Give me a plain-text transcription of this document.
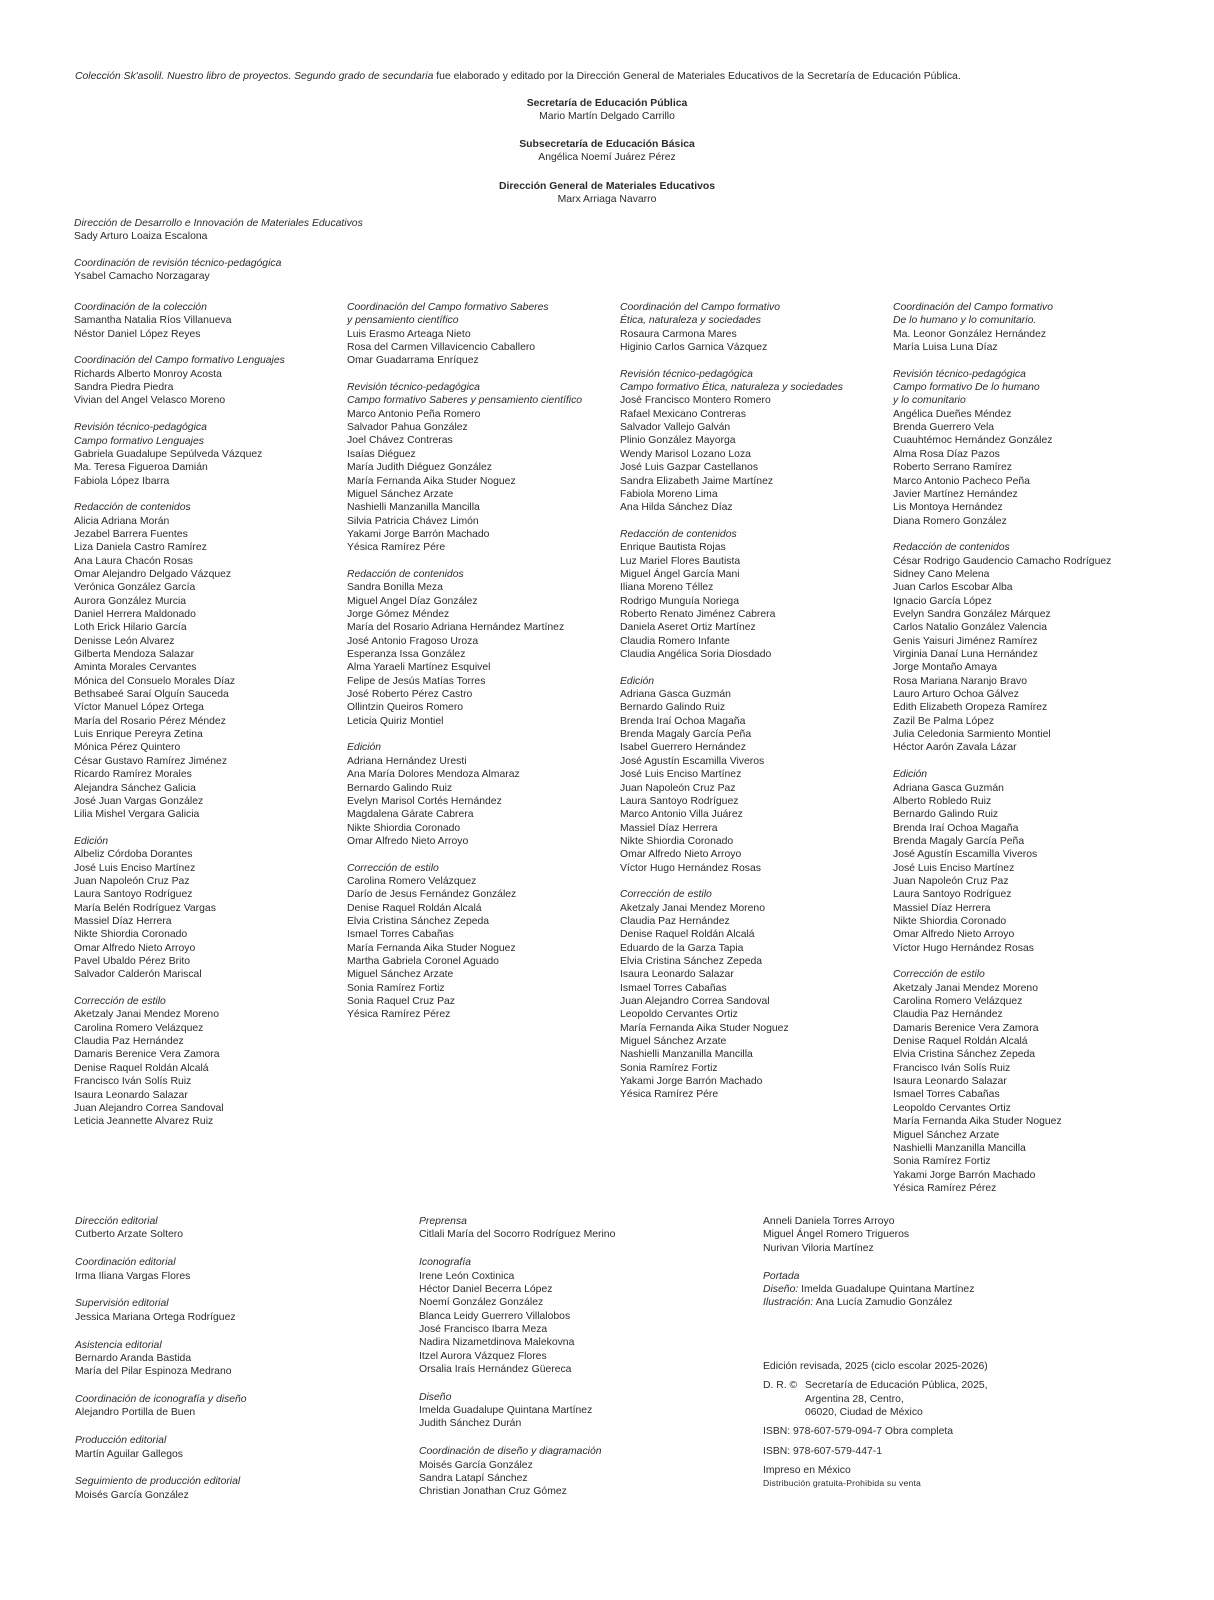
Colección Sk'asolil. Nuestro libro de proyectos. Segundo grado de secundaria fue elaborado y editado por la Dirección General de Materiales Educativos de la Secretaría de Educación Pública.
Secretaría de Educación Pública
Mario Martín Delgado Carrillo
Subsecretaría de Educación Básica
Angélica Noemí Juárez Pérez
Dirección General de Materiales Educativos
Marx Arriaga Navarro
Dirección de Desarrollo e Innovación de Materiales Educativos
Sady Arturo Loaiza Escalona
Coordinación de revisión técnico-pedagógica
Ysabel Camacho Norzagaray
Coordinación de la colección
Samantha Natalia Ríos Villanueva
Néstor Daniel López Reyes
Coordinación del Campo formativo Lenguajes
Richards Alberto Monroy Acosta
Sandra Piedra Piedra
Vivian del Angel Velasco Moreno
Revisión técnico-pedagógica
Campo formativo Lenguajes
Gabriela Guadalupe Sepúlveda Vázquez
Ma. Teresa Figueroa Damián
Fabiola López Ibarra
Redacción de contenidos
Alicia Adriana Morán
Jezabel Barrera Fuentes
Liza Daniela Castro Ramírez
Ana Laura Chacón Rosas
Omar Alejandro Delgado Vázquez
Verónica González García
Aurora González Murcia
Daniel Herrera Maldonado
Loth Erick Hilario García
Denisse León Alvarez
Gilberta Mendoza Salazar
Aminta Morales Cervantes
Mónica del Consuelo Morales Díaz
Bethsabeé Saraí Olguín Sauceda
Víctor Manuel López Ortega
María del Rosario Pérez Méndez
Luis Enrique Pereyra Zetina
Mónica Pérez Quintero
César Gustavo Ramírez Jiménez
Ricardo Ramírez Morales
Alejandra Sánchez Galicia
José Juan Vargas González
Lilia Mishel Vergara Galicia
Edición
Albeliz Córdoba Dorantes
José Luis Enciso Martínez
Juan Napoleón Cruz Paz
Laura Santoyo Rodríguez
María Belén Rodríguez Vargas
Massiel Díaz Herrera
Nikte Shiordia Coronado
Omar Alfredo Nieto Arroyo
Pavel Ubaldo Pérez Brito
Salvador Calderón Mariscal
Corrección de estilo
Aketzaly Janai Mendez Moreno
Carolina Romero Velázquez
Claudia Paz Hernández
Damaris Berenice Vera Zamora
Denise Raquel Roldán Alcalá
Francisco Iván Solís Ruiz
Isaura Leonardo Salazar
Juan Alejandro Correa Sandoval
Leticia Jeannette Alvarez Ruiz
Coordinación del Campo formativo Saberes
y pensamiento científico
Luis Erasmo Arteaga Nieto
Rosa del Carmen Villavicencio Caballero
Omar Guadarrama Enríquez
Revisión técnico-pedagógica
Campo formativo Saberes y pensamiento científico
Marco Antonio Peña Romero
Salvador Pahua González
Joel Chávez Contreras
Isaías Diéguez
María Judith Diéguez González
María Fernanda Aika Studer Noguez
Miguel Sánchez Arzate
Nashielli Manzanilla Mancilla
Silvia Patricia Chávez Limón
Yakami Jorge Barrón Machado
Yésica Ramírez Pére
Redacción de contenidos
Sandra Bonilla Meza
Miguel Angel Díaz González
Jorge Gómez Méndez
María del Rosario Adriana Hernández Martínez
José Antonio Fragoso Uroza
Esperanza Issa González
Alma Yaraeli Martínez Esquivel
Felipe de Jesús Matías Torres
José Roberto Pérez Castro
Ollintzin Queiros Romero
Leticia Quiriz Montiel
Edición
Adriana Hernández Uresti
Ana María Dolores Mendoza Almaraz
Bernardo Galindo Ruiz
Evelyn Marisol Cortés Hernández
Magdalena Gárate Cabrera
Nikte Shiordia Coronado
Omar Alfredo Nieto Arroyo
Corrección de estilo
Carolina Romero Velázquez
Darío de Jesus Fernández González
Denise Raquel Roldán Alcalá
Elvia Cristina Sánchez Zepeda
Ismael Torres Cabañas
María Fernanda Aika Studer Noguez
Martha Gabriela Coronel Aguado
Miguel Sánchez Arzate
Sonia Ramírez Fortiz
Sonia Raquel Cruz Paz
Yésica Ramírez Pérez
Coordinación del Campo formativo
Ética, naturaleza y sociedades
Rosaura Carmona Mares
Higinio Carlos Garnica Vázquez
Revisión técnico-pedagógica
Campo formativo Ética, naturaleza y sociedades
José Francisco Montero Romero
Rafael Mexicano Contreras
Salvador Vallejo Galván
Plinio González Mayorga
Wendy Marisol Lozano Loza
José Luis Gazpar Castellanos
Sandra Elizabeth Jaime Martínez
Fabiola Moreno Lima
Ana Hilda Sánchez Díaz
Redacción de contenidos
Enrique Bautista Rojas
Luz Mariel Flores Bautista
Miguel Ángel García Mani
Iliana Moreno Téllez
Rodrigo Munguía Noriega
Roberto Renato Jiménez Cabrera
Daniela Aseret Ortiz Martínez
Claudia Romero Infante
Claudia Angélica Soria Diosdado
Edición
Adriana Gasca Guzmán
Bernardo Galindo Ruiz
Brenda Iraí Ochoa Magaña
Brenda Magaly García Peña
Isabel Guerrero Hernández
José Agustín Escamilla Viveros
José Luis Enciso Martínez
Juan Napoleón Cruz Paz
Laura Santoyo Rodríguez
Marco Antonio Villa Juárez
Massiel Díaz Herrera
Nikte Shiordia Coronado
Omar Alfredo Nieto Arroyo
Víctor Hugo Hernández Rosas
Corrección de estilo
Aketzaly Janai Mendez Moreno
Claudia Paz Hernández
Denise Raquel Roldán Alcalá
Eduardo de la Garza Tapia
Elvia Cristina Sánchez Zepeda
Isaura Leonardo Salazar
Ismael Torres Cabañas
Juan Alejandro Correa Sandoval
Leopoldo Cervantes Ortiz
María Fernanda Aika Studer Noguez
Miguel Sánchez Arzate
Nashielli Manzanilla Mancilla
Sonia Ramírez Fortiz
Yakami Jorge Barrón Machado
Yésica Ramírez Pére
Coordinación del Campo formativo
De lo humano y lo comunitario.
Ma. Leonor González Hernández
María Luisa Luna Díaz
Revisión técnico-pedagógica
Campo formativo De lo humano
y lo comunitario
Angélica Dueñes Méndez
Brenda Guerrero Vela
Cuauhtémoc Hernández González
Alma Rosa Díaz Pazos
Roberto Serrano Ramírez
Marco Antonio Pacheco Peña
Javier Martínez Hernández
Lis Montoya Hernández
Diana Romero González
Redacción de contenidos
César Rodrigo Gaudencio Camacho Rodríguez
Sidney Cano Melena
Juan Carlos Escobar Alba
Ignacio García López
Evelyn Sandra González Márquez
Carlos Natalio González Valencia
Genis Yaisuri Jiménez Ramírez
Virginia Danaí Luna Hernández
Jorge Montaño Amaya
Rosa Mariana Naranjo Bravo
Lauro Arturo Ochoa Gálvez
Edith Elizabeth Oropeza Ramírez
Zazil Be Palma López
Julia Celedonia Sarmiento Montiel
Héctor Aarón Zavala Lázar
Edición
Adriana Gasca Guzmán
Alberto Robledo Ruiz
Bernardo Galindo Ruiz
Brenda Iraí Ochoa Magaña
Brenda Magaly García Peña
José Agustín Escamilla Viveros
José Luis Enciso Martínez
Juan Napoleón Cruz Paz
Laura Santoyo Rodríguez
Massiel Díaz Herrera
Nikte Shiordia Coronado
Omar Alfredo Nieto Arroyo
Víctor Hugo Hernández Rosas
Corrección de estilo
Aketzaly Janai Mendez Moreno
Carolina Romero Velázquez
Claudia Paz Hernández
Damaris Berenice Vera Zamora
Denise Raquel Roldán Alcalá
Elvia Cristina Sánchez Zepeda
Francisco Iván Solís Ruiz
Isaura Leonardo Salazar
Ismael Torres Cabañas
Leopoldo Cervantes Ortiz
María Fernanda Aika Studer Noguez
Miguel Sánchez Arzate
Nashielli Manzanilla Mancilla
Sonia Ramírez Fortiz
Yakami Jorge Barrón Machado
Yésica Ramírez Pérez
Dirección editorial
Cutberto Arzate Soltero
Coordinación editorial
Irma Iliana Vargas Flores
Supervisión editorial
Jessica Mariana Ortega Rodríguez
Asistencia editorial
Bernardo Aranda Bastida
María del Pilar Espinoza Medrano
Coordinación de iconografía y diseño
Alejandro Portilla de Buen
Producción editorial
Martín Aguilar Gallegos
Seguimiento de producción editorial
Moisés García González
Preprensa
Citlali María del Socorro Rodríguez Merino
Iconografía
Irene León Coxtinica
Héctor Daniel Becerra López
Noemí González González
Blanca Leidy Guerrero Villalobos
José Francisco Ibarra Meza
Nadira Nizametdinova Malekovna
Itzel Aurora Vázquez Flores
Orsalia Iraís Hernández Güereca
Diseño
Imelda Guadalupe Quintana Martínez
Judith Sánchez Durán
Coordinación de diseño y diagramación
Moisés García González
Sandra Latapí Sánchez
Christian Jonathan Cruz Gómez
Anneli Daniela Torres Arroyo
Miguel Ángel Romero Trigueros
Nurivan Viloria Martínez
Portada
Diseño: Imelda Guadalupe Quintana Martínez
Ilustración: Ana Lucía Zamudio González
Edición revisada, 2025 (ciclo escolar 2025-2026)
D. R. © Secretaría de Educación Pública, 2025,
Argentina 28, Centro,
06020, Ciudad de México
ISBN: 978-607-579-094-7 Obra completa
ISBN: 978-607-579-447-1
Impreso en México
Distribución gratuita-Prohibida su venta
